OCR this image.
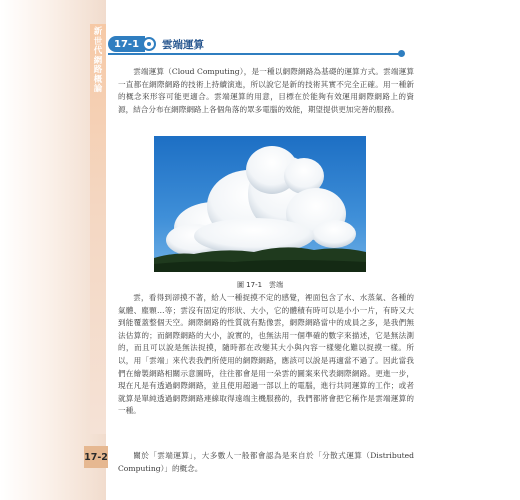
新世代網路概論
17-2
17-1	雲端運算

雲端運算（Cloud Computing），是一種以網際網路為基礎的運算方式。雲端運算一直都在網際網路的技術上持續演進，所以說它是新的技術其實不完全正確。用一種新的概念來形容可能更適合。雲端運算的用意，目標在於能夠有效運用網際網路上的資源，結合分布在網際網路上各個角落的眾多電腦的效能，期望提供更加完善的服務。

圖 17-1　雲端

雲，看得到卻摸不著，給人一種捉摸不定的感覺，裡面包含了水、水蒸氣、各種的氣體、塵顆…等；雲沒有固定的形狀、大小，它的體積有時可以是小小一片，有時又大到能覆蓋整個天空。網際網路的性質就有點像雲，網際網路當中的成員之多，是我們無法估算的；而網際網路的大小，說實的，也無法用一個準確的數字來描述，它是無法測的，而且可以說是無法捉摸，隨時都在改變其大小與內容一樣變化難以捉摸一樣。所以，用「雲端」來代表我們所使用的網際網路，應該可以說是再適當不過了。因此當我們在繪製網路相關示意圖時，往往都會是用一朵雲的圖案來代表網際網路。更進一步，現在凡是有透過網際網路，並且使用超過一部以上的電腦，進行共同運算的工作；或者就算是單純透過網際網路連線取得遠端主機服務的，我們都將會把它稱作是雲端運算的一種。

關於「雲端運算」，大多數人一般都會認為是來自於「分散式運算（Distributed Computing）」的概念。
